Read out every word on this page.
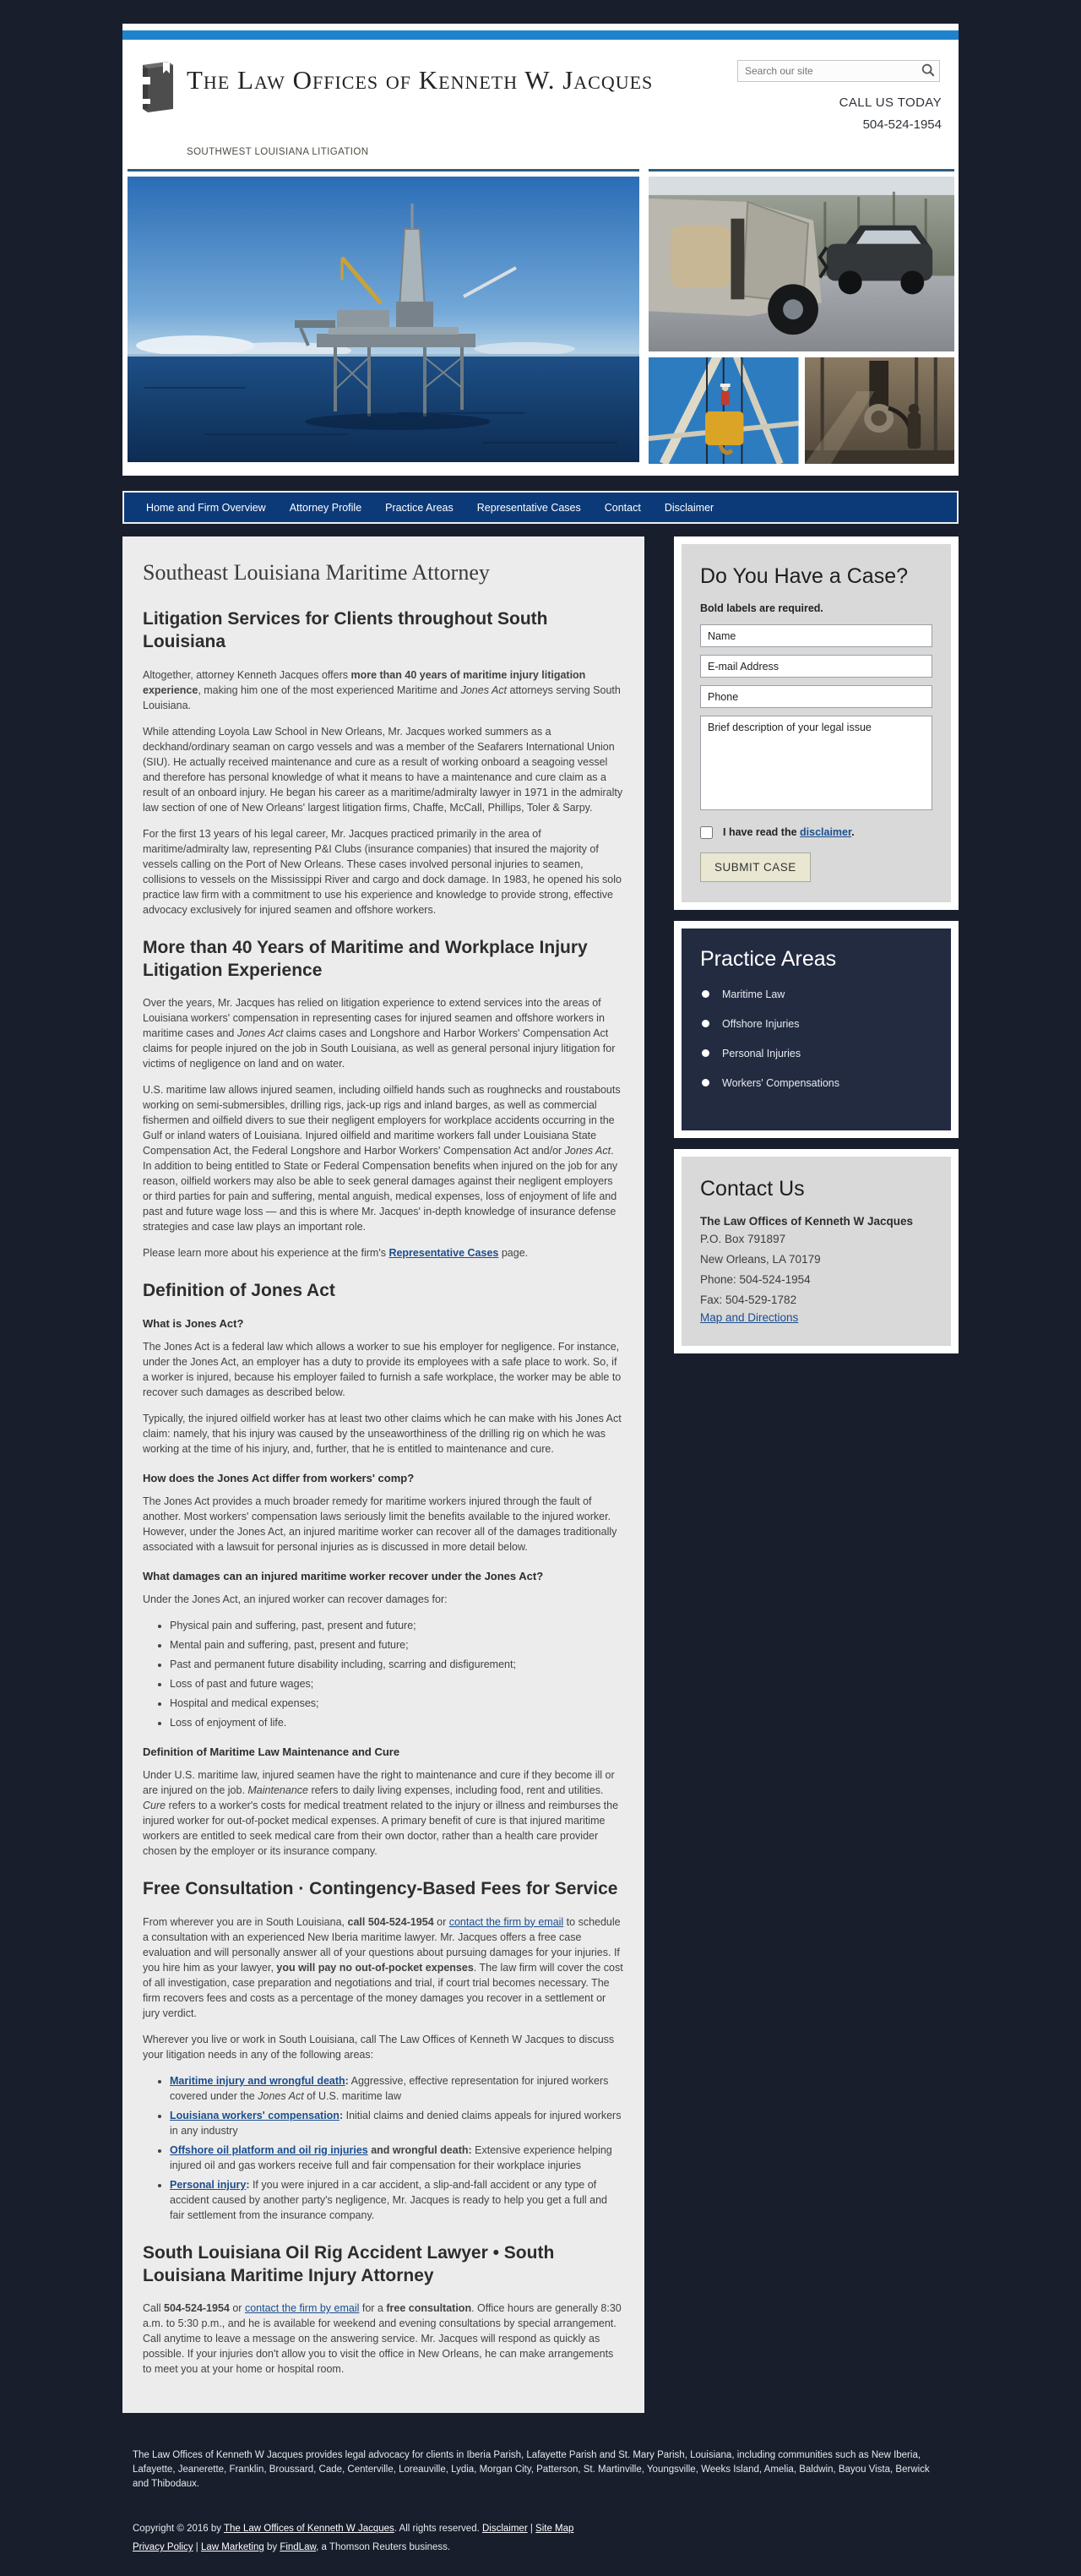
The Law Offices of Kenneth W. Jacques
Search our site
CALL US TODAY
504-524-1954
SOUTHWEST LOUISIANA LITIGATION
Home and Firm Overview	Attorney Profile	Practice Areas	Representative Cases	Contact	Disclaimer
Southeast Louisiana Maritime Attorney
Litigation Services for Clients throughout South Louisiana

Altogether, attorney Kenneth Jacques offers more than 40 years of maritime injury litigation experience, making him one of the most experienced Maritime and Jones Act attorneys serving South Louisiana.

While attending Loyola Law School in New Orleans, Mr. Jacques worked summers as a deckhand/ordinary seaman on cargo vessels and was a member of the Seafarers International Union (SIU). He actually received maintenance and cure as a result of working onboard a seagoing vessel and therefore has personal knowledge of what it means to have a maintenance and cure claim as a result of an onboard injury. He began his career as a maritime/admiralty lawyer in 1971 in the admiralty law section of one of New Orleans' largest litigation firms, Chaffe, McCall, Phillips, Toler & Sarpy.

For the first 13 years of his legal career, Mr. Jacques practiced primarily in the area of maritime/admiralty law, representing P&I Clubs (insurance companies) that insured the majority of vessels calling on the Port of New Orleans. These cases involved personal injuries to seamen, collisions to vessels on the Mississippi River and cargo and dock damage. In 1983, he opened his solo practice law firm with a commitment to use his experience and knowledge to provide strong, effective advocacy exclusively for injured seamen and offshore workers.

More than 40 Years of Maritime and Workplace Injury Litigation Experience

Over the years, Mr. Jacques has relied on litigation experience to extend services into the areas of Louisiana workers' compensation in representing cases for injured seamen and offshore workers in maritime cases and Jones Act claims cases and Longshore and Harbor Workers' Compensation Act claims for people injured on the job in South Louisiana, as well as general personal injury litigation for victims of negligence on land and on water.

U.S. maritime law allows injured seamen, including oilfield hands such as roughnecks and roustabouts working on semi-submersibles, drilling rigs, jack-up rigs and inland barges, as well as commercial fishermen and oilfield divers to sue their negligent employers for workplace accidents occurring in the Gulf or inland waters of Louisiana. Injured oilfield and maritime workers fall under Louisiana State Compensation Act, the Federal Longshore and Harbor Workers' Compensation Act and/or Jones Act. In addition to being entitled to State or Federal Compensation benefits when injured on the job for any reason, oilfield workers may also be able to seek general damages against their negligent employers or third parties for pain and suffering, mental anguish, medical expenses, loss of enjoyment of life and past and future wage loss — and this is where Mr. Jacques' in-depth knowledge of insurance defense strategies and case law plays an important role.

Please learn more about his experience at the firm's Representative Cases page.

Definition of Jones Act
What is Jones Act?

The Jones Act is a federal law which allows a worker to sue his employer for negligence. For instance, under the Jones Act, an employer has a duty to provide its employees with a safe place to work. So, if a worker is injured, because his employer failed to furnish a safe workplace, the worker may be able to recover such damages as described below.

Typically, the injured oilfield worker has at least two other claims which he can make with his Jones Act claim: namely, that his injury was caused by the unseaworthiness of the drilling rig on which he was working at the time of his injury, and, further, that he is entitled to maintenance and cure.

How does the Jones Act differ from workers' comp?

The Jones Act provides a much broader remedy for maritime workers injured through the fault of another. Most workers' compensation laws seriously limit the benefits available to the injured worker. However, under the Jones Act, an injured maritime worker can recover all of the damages traditionally associated with a lawsuit for personal injuries as is discussed in more detail below.

What damages can an injured maritime worker recover under the Jones Act?

Under the Jones Act, an injured worker can recover damages for:

• Physical pain and suffering, past, present and future;
• Mental pain and suffering, past, present and future;
• Past and permanent future disability including, scarring and disfigurement;
• Loss of past and future wages;
• Hospital and medical expenses;
• Loss of enjoyment of life.
Definition of Maritime Law Maintenance and Cure

Under U.S. maritime law, injured seamen have the right to maintenance and cure if they become ill or are injured on the job. Maintenance refers to daily living expenses, including food, rent and utilities. Cure refers to a worker's costs for medical treatment related to the injury or illness and reimburses the injured worker for out-of-pocket medical expenses. A primary benefit of cure is that injured maritime workers are entitled to seek medical care from their own doctor, rather than a health care provider chosen by the employer or its insurance company.

Free Consultation · Contingency-Based Fees for Service

From wherever you are in South Louisiana, call 504-524-1954 or contact the firm by email to schedule a consultation with an experienced New Iberia maritime lawyer. Mr. Jacques offers a free case evaluation and will personally answer all of your questions about pursuing damages for your injuries. If you hire him as your lawyer, you will pay no out-of-pocket expenses. The law firm will cover the cost of all investigation, case preparation and negotiations and trial, if court trial becomes necessary. The firm recovers fees and costs as a percentage of the money damages you recover in a settlement or jury verdict.

Wherever you live or work in South Louisiana, call The Law Offices of Kenneth W Jacques to discuss your litigation needs in any of the following areas:

• Maritime injury and wrongful death: Aggressive, effective representation for injured workers covered under the Jones Act of U.S. maritime law
• Louisiana workers' compensation: Initial claims and denied claims appeals for injured workers in any industry
• Offshore oil platform and oil rig injuries and wrongful death: Extensive experience helping injured oil and gas workers receive full and fair compensation for their workplace injuries
• Personal injury: If you were injured in a car accident, a slip-and-fall accident or any type of accident caused by another party's negligence, Mr. Jacques is ready to help you get a full and fair settlement from the insurance company.
South Louisiana Oil Rig Accident Lawyer • South Louisiana Maritime Injury Attorney

Call 504-524-1954 or contact the firm by email for a free consultation. Office hours are generally 8:30 a.m. to 5:30 p.m., and he is available for weekend and evening consultations by special arrangement. Call anytime to leave a message on the answering service. Mr. Jacques will respond as quickly as possible. If your injuries don't allow you to visit the office in New Orleans, he can make arrangements to meet you at your home or hospital room.

Do You Have a Case?

Bold labels are required.

Name E-mail Address Phone Brief description of your legal issue
I have read the disclaimer.
SUBMIT CASE
Practice Areas
Maritime Law
Offshore Injuries
Personal Injuries
Workers' Compensations
Contact Us

The Law Offices of Kenneth W Jacques

P.O. Box 791897
New Orleans, LA 70179
Phone: 504-524-1954
Fax: 504-529-1782
Map and Directions

The Law Offices of Kenneth W Jacques provides legal advocacy for clients in Iberia Parish, Lafayette Parish and St. Mary Parish, Louisiana, including communities such as New Iberia, Lafayette, Jeanerette, Franklin, Broussard, Cade, Centerville, Loreauville, Lydia, Morgan City, Patterson, St. Martinville, Youngsville, Weeks Island, Amelia, Baldwin, Bayou Vista, Berwick and Thibodaux.

Copyright © 2016 by The Law Offices of Kenneth W Jacques. All rights reserved. Disclaimer | Site Map

Privacy Policy | Law Marketing by FindLaw, a Thomson Reuters business.
